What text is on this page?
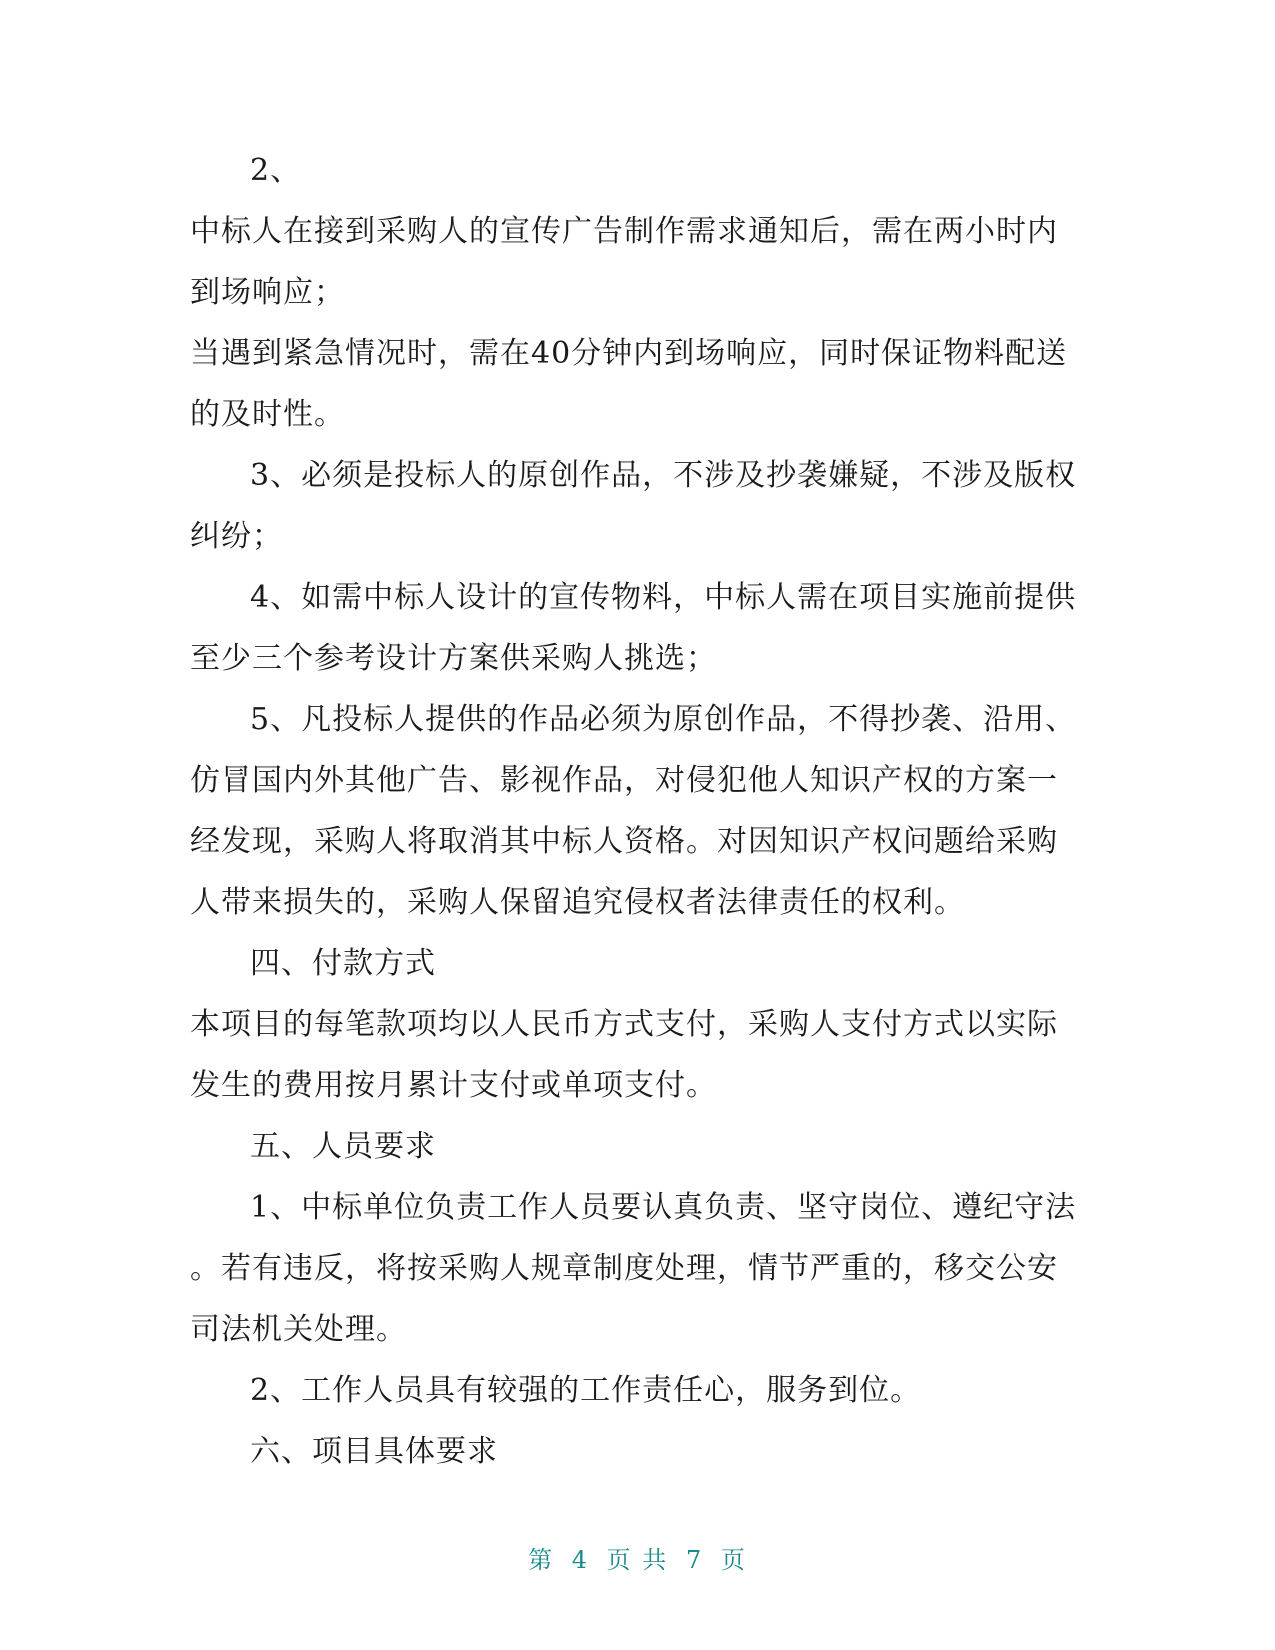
2、
中标人在接到采购人的宣传广告制作需求通知后，需在两小时内
到场响应；
当遇到紧急情况时，需在40分钟内到场响应，同时保证物料配送
的及时性。
3、必须是投标人的原创作品，不涉及抄袭嫌疑，不涉及版权
纠纷；
4、如需中标人设计的宣传物料，中标人需在项目实施前提供
至少三个参考设计方案供采购人挑选；
5、凡投标人提供的作品必须为原创作品，不得抄袭、沿用、
仿冒国内外其他广告、影视作品，对侵犯他人知识产权的方案一
经发现，采购人将取消其中标人资格。对因知识产权问题给采购
人带来损失的，采购人保留追究侵权者法律责任的权利。
四、付款方式
本项目的每笔款项均以人民币方式支付，采购人支付方式以实际
发生的费用按月累计支付或单项支付。
五、人员要求
1、中标单位负责工作人员要认真负责、坚守岗位、遵纪守法
。若有违反，将按采购人规章制度处理，情节严重的，移交公安
司法机关处理。
2、工作人员具有较强的工作责任心，服务到位。
六、项目具体要求
第 4 页 共 7 页
